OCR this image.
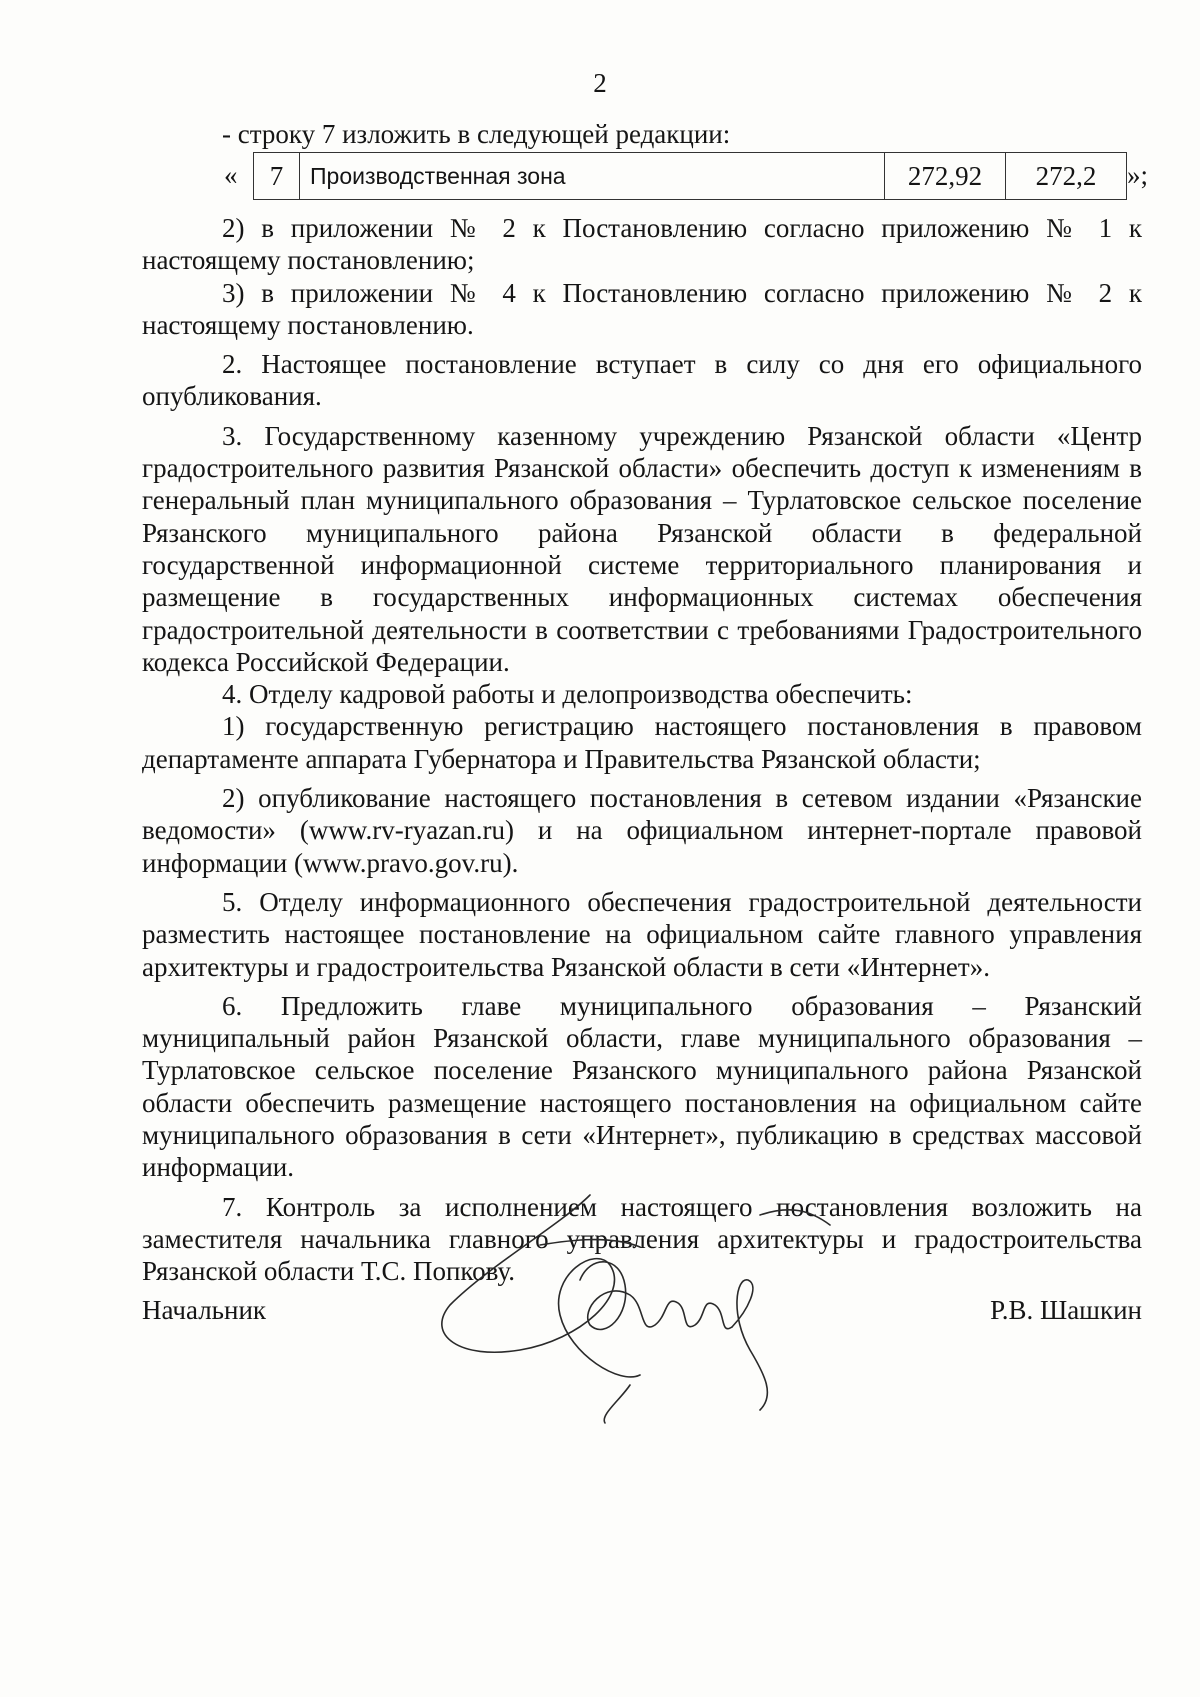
2

- строку 7 изложить в следующей редакции:

« 7	Производственная зона	272,92	272,2 »;

2) в приложении № 2 к Постановлению согласно приложению № 1 к настоящему постановлению;

3) в приложении № 4 к Постановлению согласно приложению № 2 к настоящему постановлению.

2. Настоящее постановление вступает в силу со дня его официального опубликования.

3. Государственному казенному учреждению Рязанской области «Центр градостроительного развития Рязанской области» обеспечить доступ к изменениям в генеральный план муниципального образования – Турлатовское сельское поселение Рязанского муниципального района Рязанской области в федеральной государственной информационной системе территориального планирования и размещение в государственных информационных системах обеспечения градостроительной деятельности в соответствии с требованиями Градостроительного кодекса Российской Федерации.

4. Отделу кадровой работы и делопроизводства обеспечить:

1) государственную регистрацию настоящего постановления в правовом департаменте аппарата Губернатора и Правительства Рязанской области;

2) опубликование настоящего постановления в сетевом издании «Рязанские ведомости» (www.rv-ryazan.ru) и на официальном интернет-портале правовой информации (www.pravo.gov.ru).

5. Отделу информационного обеспечения градостроительной деятельности разместить настоящее постановление на официальном сайте главного управления архитектуры и градостроительства Рязанской области в сети «Интернет».

6. Предложить главе муниципального образования – Рязанский муниципальный район Рязанской области, главе муниципального образования – Турлатовское сельское поселение Рязанского муниципального района Рязанской области обеспечить размещение настоящего постановления на официальном сайте муниципального образования в сети «Интернет», публикацию в средствах массовой информации.

7. Контроль за исполнением настоящего постановления возложить на заместителя начальника главного управления архитектуры и градостроительства Рязанской области Т.С. Попкову.

Начальник	Р.В. Шашкин
